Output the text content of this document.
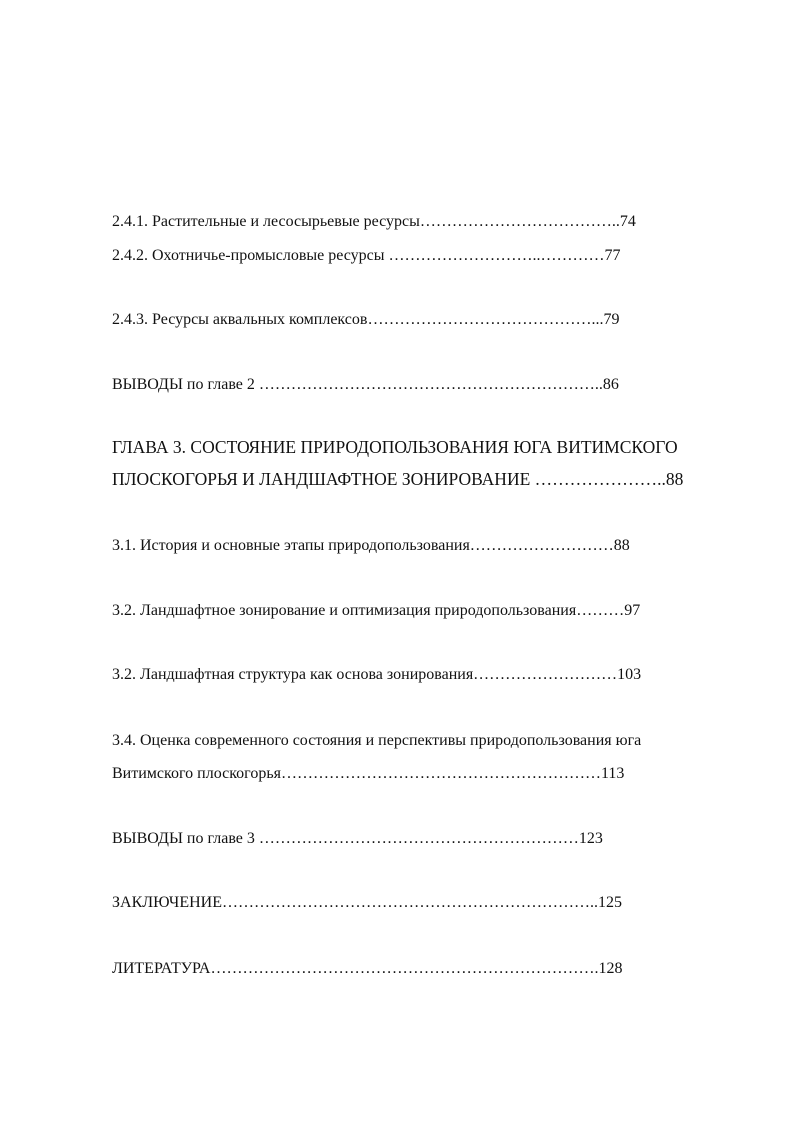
2.4.1. Растительные и лесосырьевые ресурсы………………………………..74
2.4.2. Охотничье-промысловые ресурсы ………………………..…………77
2.4.3. Ресурсы аквальных комплексов……………………………………...79
ВЫВОДЫ по главе 2 ………………………………………………………..86
ГЛАВА 3. СОСТОЯНИЕ ПРИРОДОПОЛЬЗОВАНИЯ ЮГА ВИТИМСКОГО
ПЛОСКОГОРЬЯ И ЛАНДШАФТНОЕ ЗОНИРОВАНИЕ …………………..88
3.1. История и основные этапы природопользования………………………88
3.2. Ландшафтное зонирование и оптимизация природопользования………97
3.2. Ландшафтная структура как основа зонирования………………………103
3.4. Оценка современного состояния и перспективы природопользования юга
Витимского плоскогорья……………………………………………………113
ВЫВОДЫ по главе 3 ……………………………………………………123
ЗАКЛЮЧЕНИЕ……………………………………………………………..125
ЛИТЕРАТУРА……………………………………………………………….128
